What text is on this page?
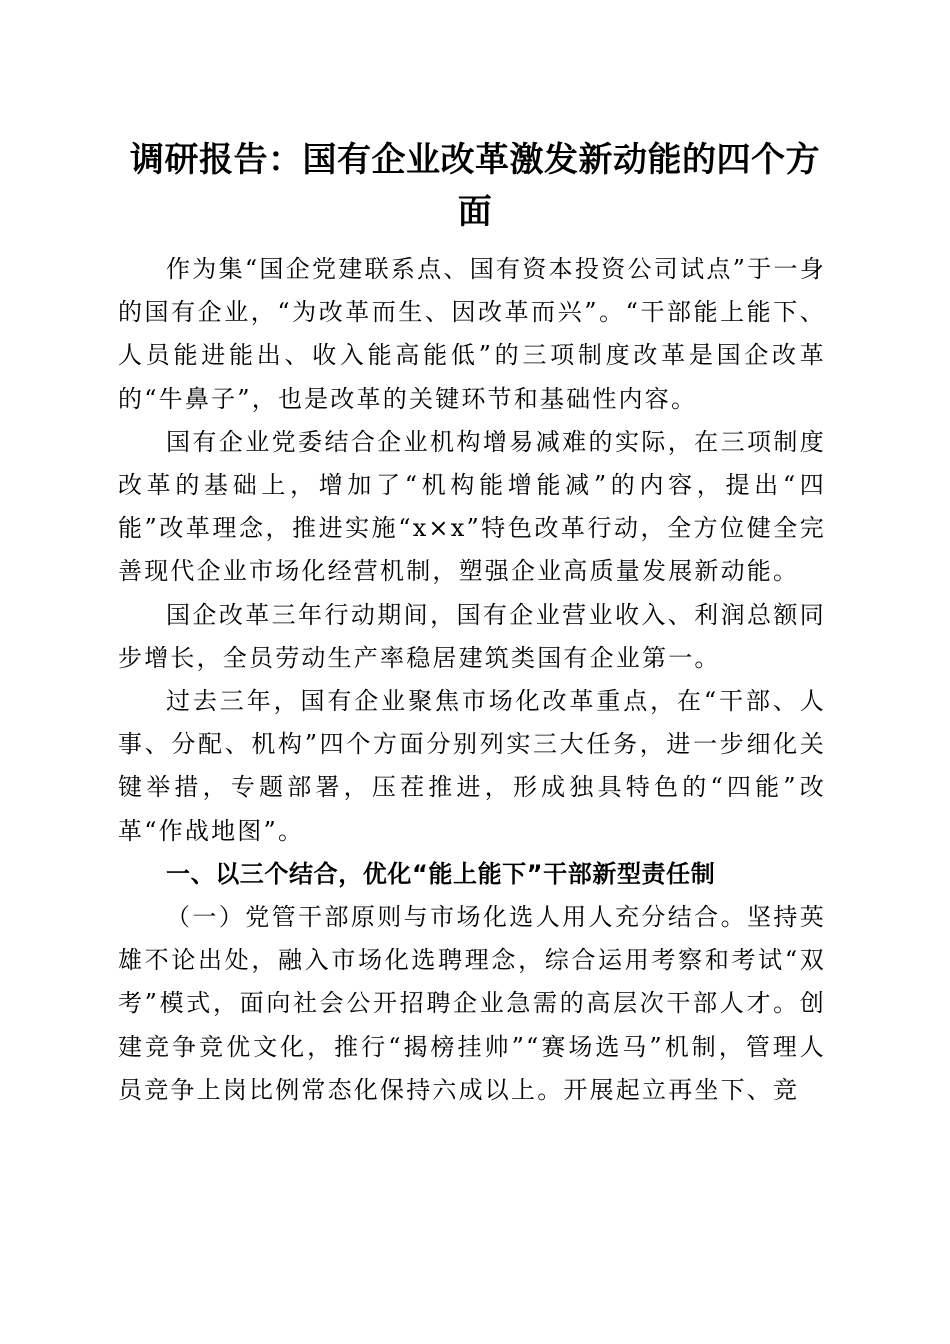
调研报告：国有企业改革激发新动能的四个方面

作为集“国企党建联系点、国有资本投资公司试点”于一身的国有企业，“为改革而生、因改革而兴”。“干部能上能下、人员能进能出、收入能高能低”的三项制度改革是国企改革的“牛鼻子”，也是改革的关键环节和基础性内容。

国有企业党委结合企业机构增易减难的实际，在三项制度改革的基础上，增加了“机构能增能减”的内容，提出“四能”改革理念，推进实施“x×x”特色改革行动，全方位健全完善现代企业市场化经营机制，塑强企业高质量发展新动能。

国企改革三年行动期间，国有企业营业收入、利润总额同步增长，全员劳动生产率稳居建筑类国有企业第一。

过去三年，国有企业聚焦市场化改革重点，在“干部、人事、分配、机构”四个方面分别列实三大任务，进一步细化关键举措，专题部署，压茬推进，形成独具特色的“四能”改革“作战地图”。

一、以三个结合，优化“能上能下”干部新型责任制

（一）党管干部原则与市场化选人用人充分结合。坚持英雄不论出处，融入市场化选聘理念，综合运用考察和考试“双考”模式，面向社会公开招聘企业急需的高层次干部人才。创建竞争竞优文化，推行“揭榜挂帅”“赛场选马”机制，管理人员竞争上岗比例常态化保持六成以上。开展起立再坐下、竞
